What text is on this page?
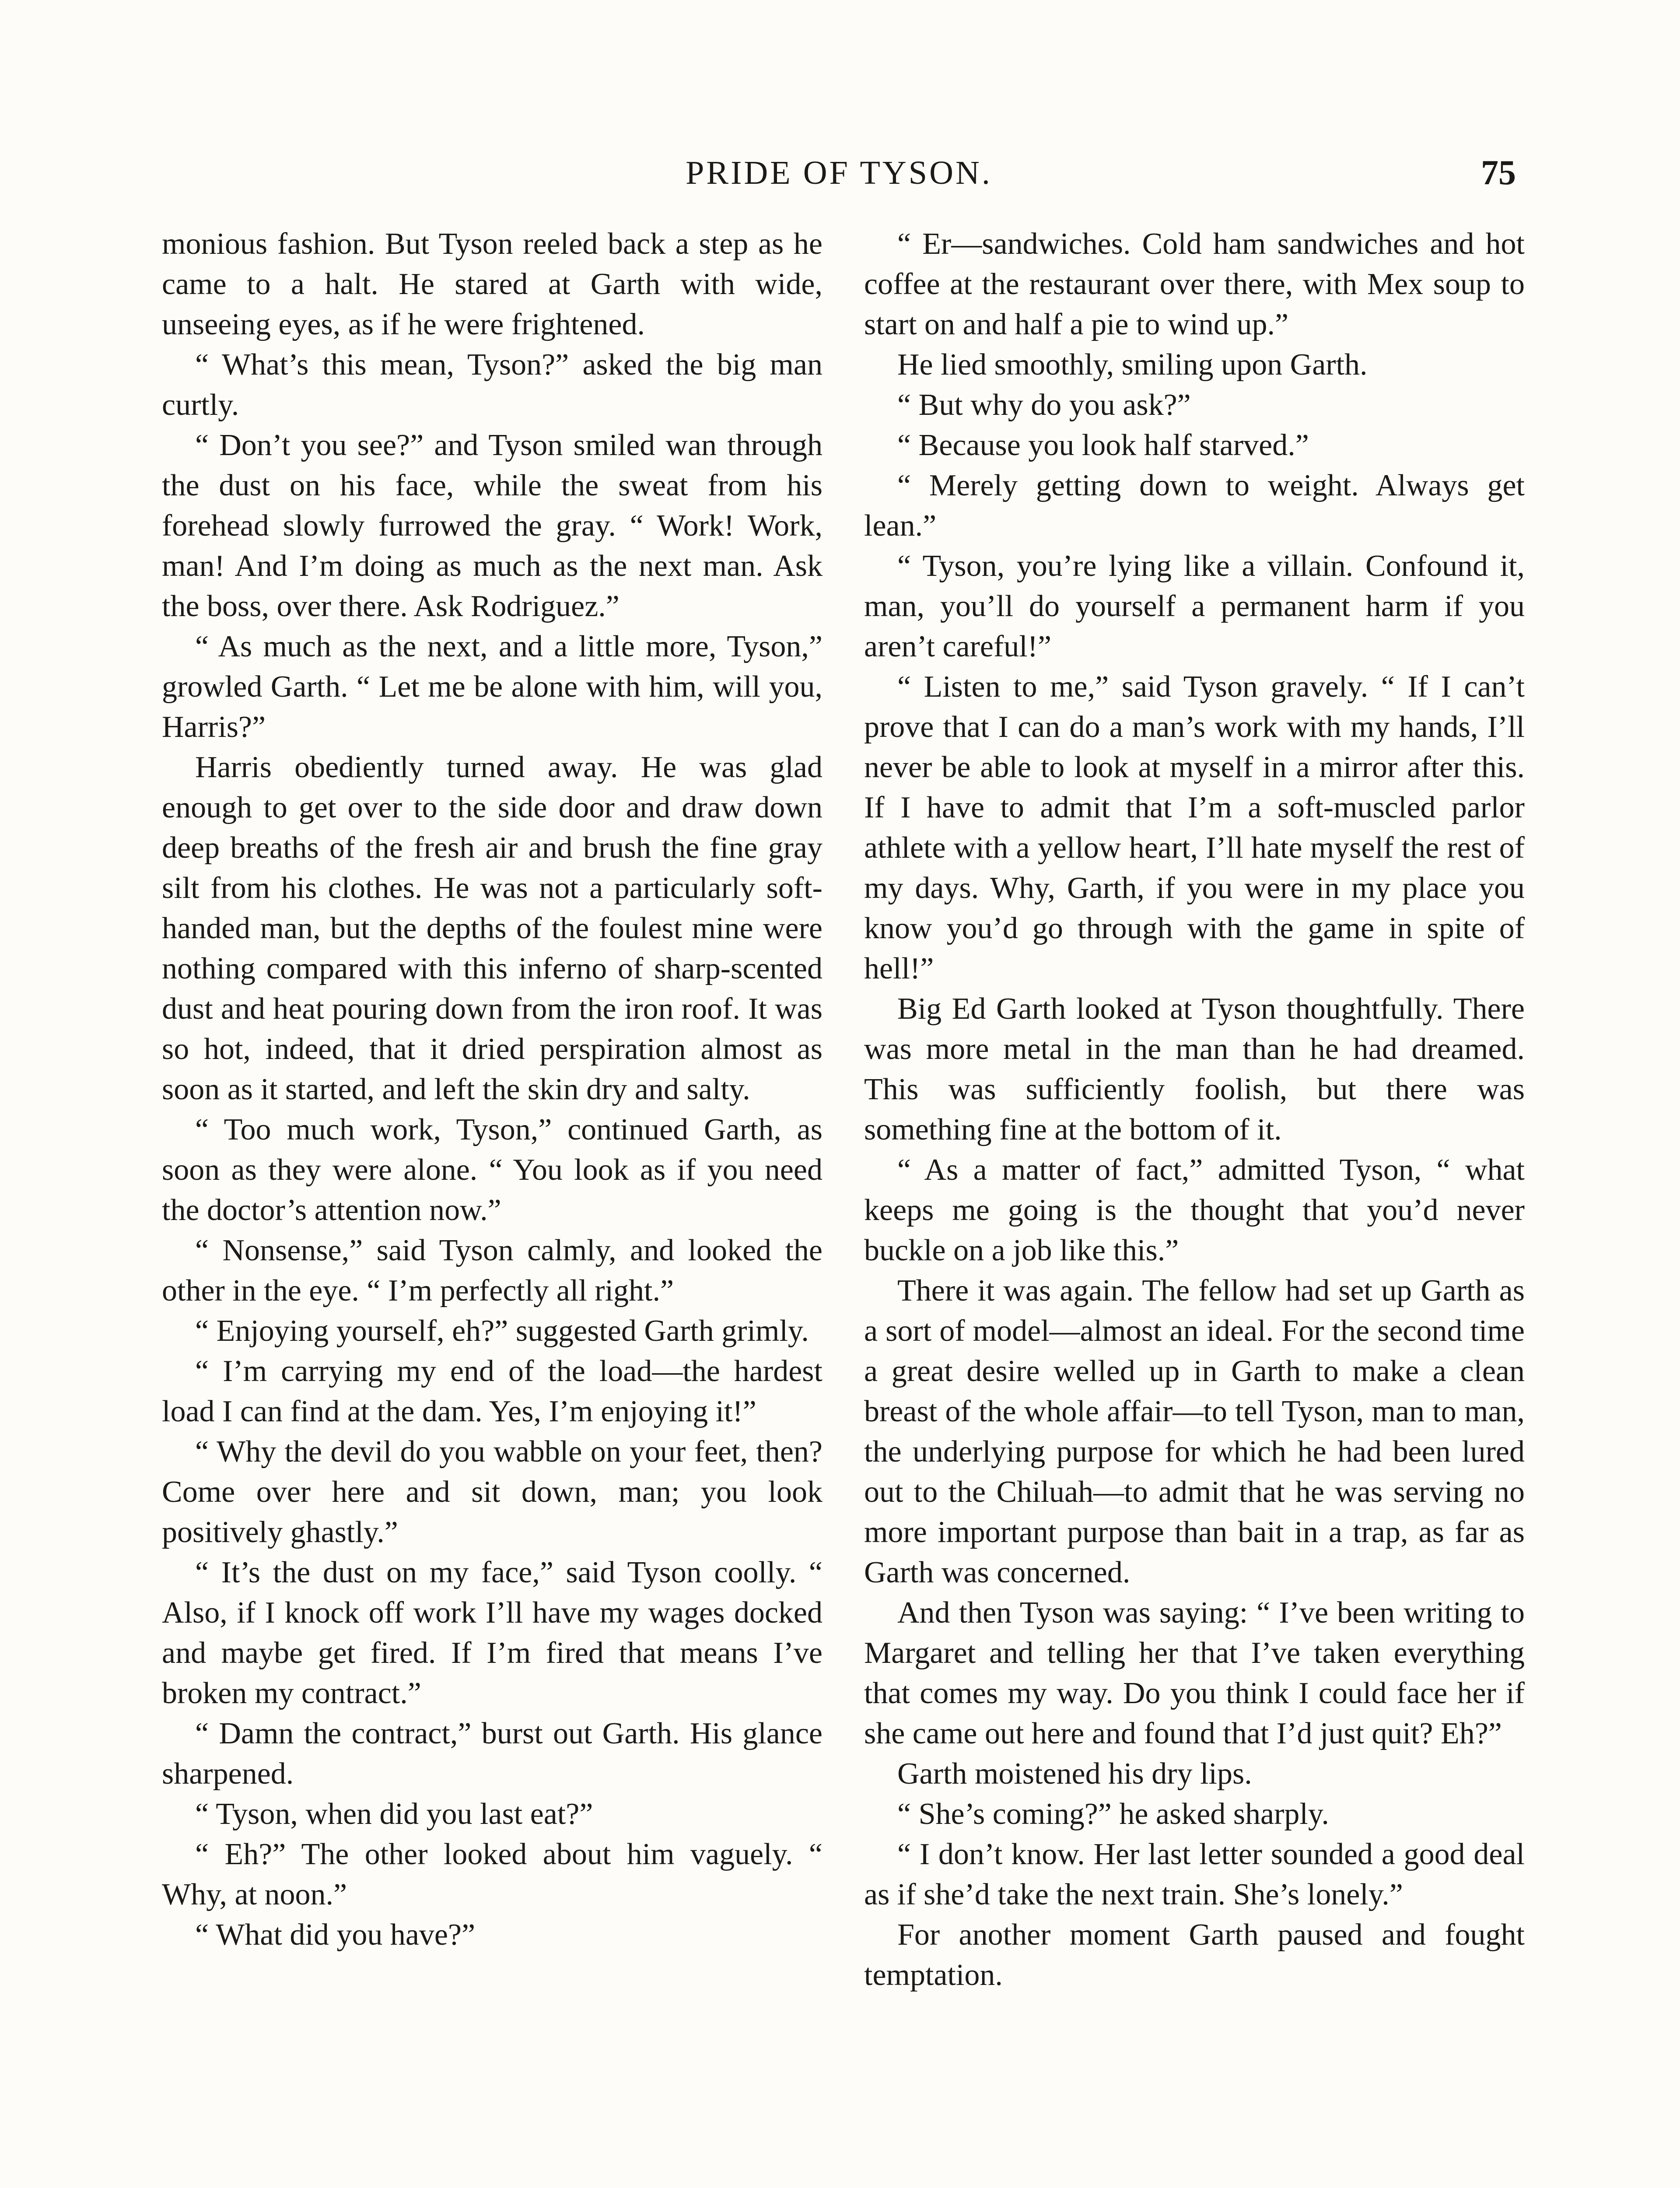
PRIDE OF TYSON.	75

monious fashion. But Tyson reeled back a step as he came to a halt. He stared at Garth with wide, unseeing eyes, as if he were frightened.

“ What’s this mean, Tyson?” asked the big man curtly.

“ Don’t you see?” and Tyson smiled wan through the dust on his face, while the sweat from his forehead slowly furrowed the gray. “ Work! Work, man! And I’m doing as much as the next man. Ask the boss, over there. Ask Rodriguez.”

“ As much as the next, and a little more, Tyson,” growled Garth. “ Let me be alone with him, will you, Harris?”

Harris obediently turned away. He was glad enough to get over to the side door and draw down deep breaths of the fresh air and brush the fine gray silt from his clothes. He was not a particularly soft-handed man, but the depths of the foulest mine were nothing compared with this inferno of sharp-scented dust and heat pouring down from the iron roof. It was so hot, indeed, that it dried perspiration almost as soon as it started, and left the skin dry and salty.

“ Too much work, Tyson,” continued Garth, as soon as they were alone. “ You look as if you need the doctor’s attention now.”

“ Nonsense,” said Tyson calmly, and looked the other in the eye. “ I’m perfectly all right.”

“ Enjoying yourself, eh?” suggested Garth grimly.

“ I’m carrying my end of the load—the hardest load I can find at the dam. Yes, I’m enjoying it!”

“ Why the devil do you wabble on your feet, then? Come over here and sit down, man; you look positively ghastly.”

“ It’s the dust on my face,” said Tyson coolly. “ Also, if I knock off work I’ll have my wages docked and maybe get fired. If I’m fired that means I’ve broken my contract.”

“ Damn the contract,” burst out Garth. His glance sharpened.

“ Tyson, when did you last eat?”

“ Eh?” The other looked about him vaguely. “ Why, at noon.”

“ What did you have?”

“ Er—sandwiches. Cold ham sandwiches and hot coffee at the restaurant over there, with Mex soup to start on and half a pie to wind up.”

He lied smoothly, smiling upon Garth.

“ But why do you ask?”

“ Because you look half starved.”

“ Merely getting down to weight. Always get lean.”

“ Tyson, you’re lying like a villain. Confound it, man, you’ll do yourself a permanent harm if you aren’t careful!”

“ Listen to me,” said Tyson gravely. “ If I can’t prove that I can do a man’s work with my hands, I’ll never be able to look at myself in a mirror after this. If I have to admit that I’m a soft-muscled parlor athlete with a yellow heart, I’ll hate myself the rest of my days. Why, Garth, if you were in my place you know you’d go through with the game in spite of hell!”

Big Ed Garth looked at Tyson thoughtfully. There was more metal in the man than he had dreamed. This was sufficiently foolish, but there was something fine at the bottom of it.

“ As a matter of fact,” admitted Tyson, “ what keeps me going is the thought that you’d never buckle on a job like this.”

There it was again. The fellow had set up Garth as a sort of model—almost an ideal. For the second time a great desire welled up in Garth to make a clean breast of the whole affair—to tell Tyson, man to man, the underlying purpose for which he had been lured out to the Chiluah—to admit that he was serving no more important purpose than bait in a trap, as far as Garth was concerned.

And then Tyson was saying: “ I’ve been writing to Margaret and telling her that I’ve taken everything that comes my way. Do you think I could face her if she came out here and found that I’d just quit? Eh?”

Garth moistened his dry lips.

“ She’s coming?” he asked sharply.

“ I don’t know. Her last letter sounded a good deal as if she’d take the next train. She’s lonely.”

For another moment Garth paused and fought temptation.
